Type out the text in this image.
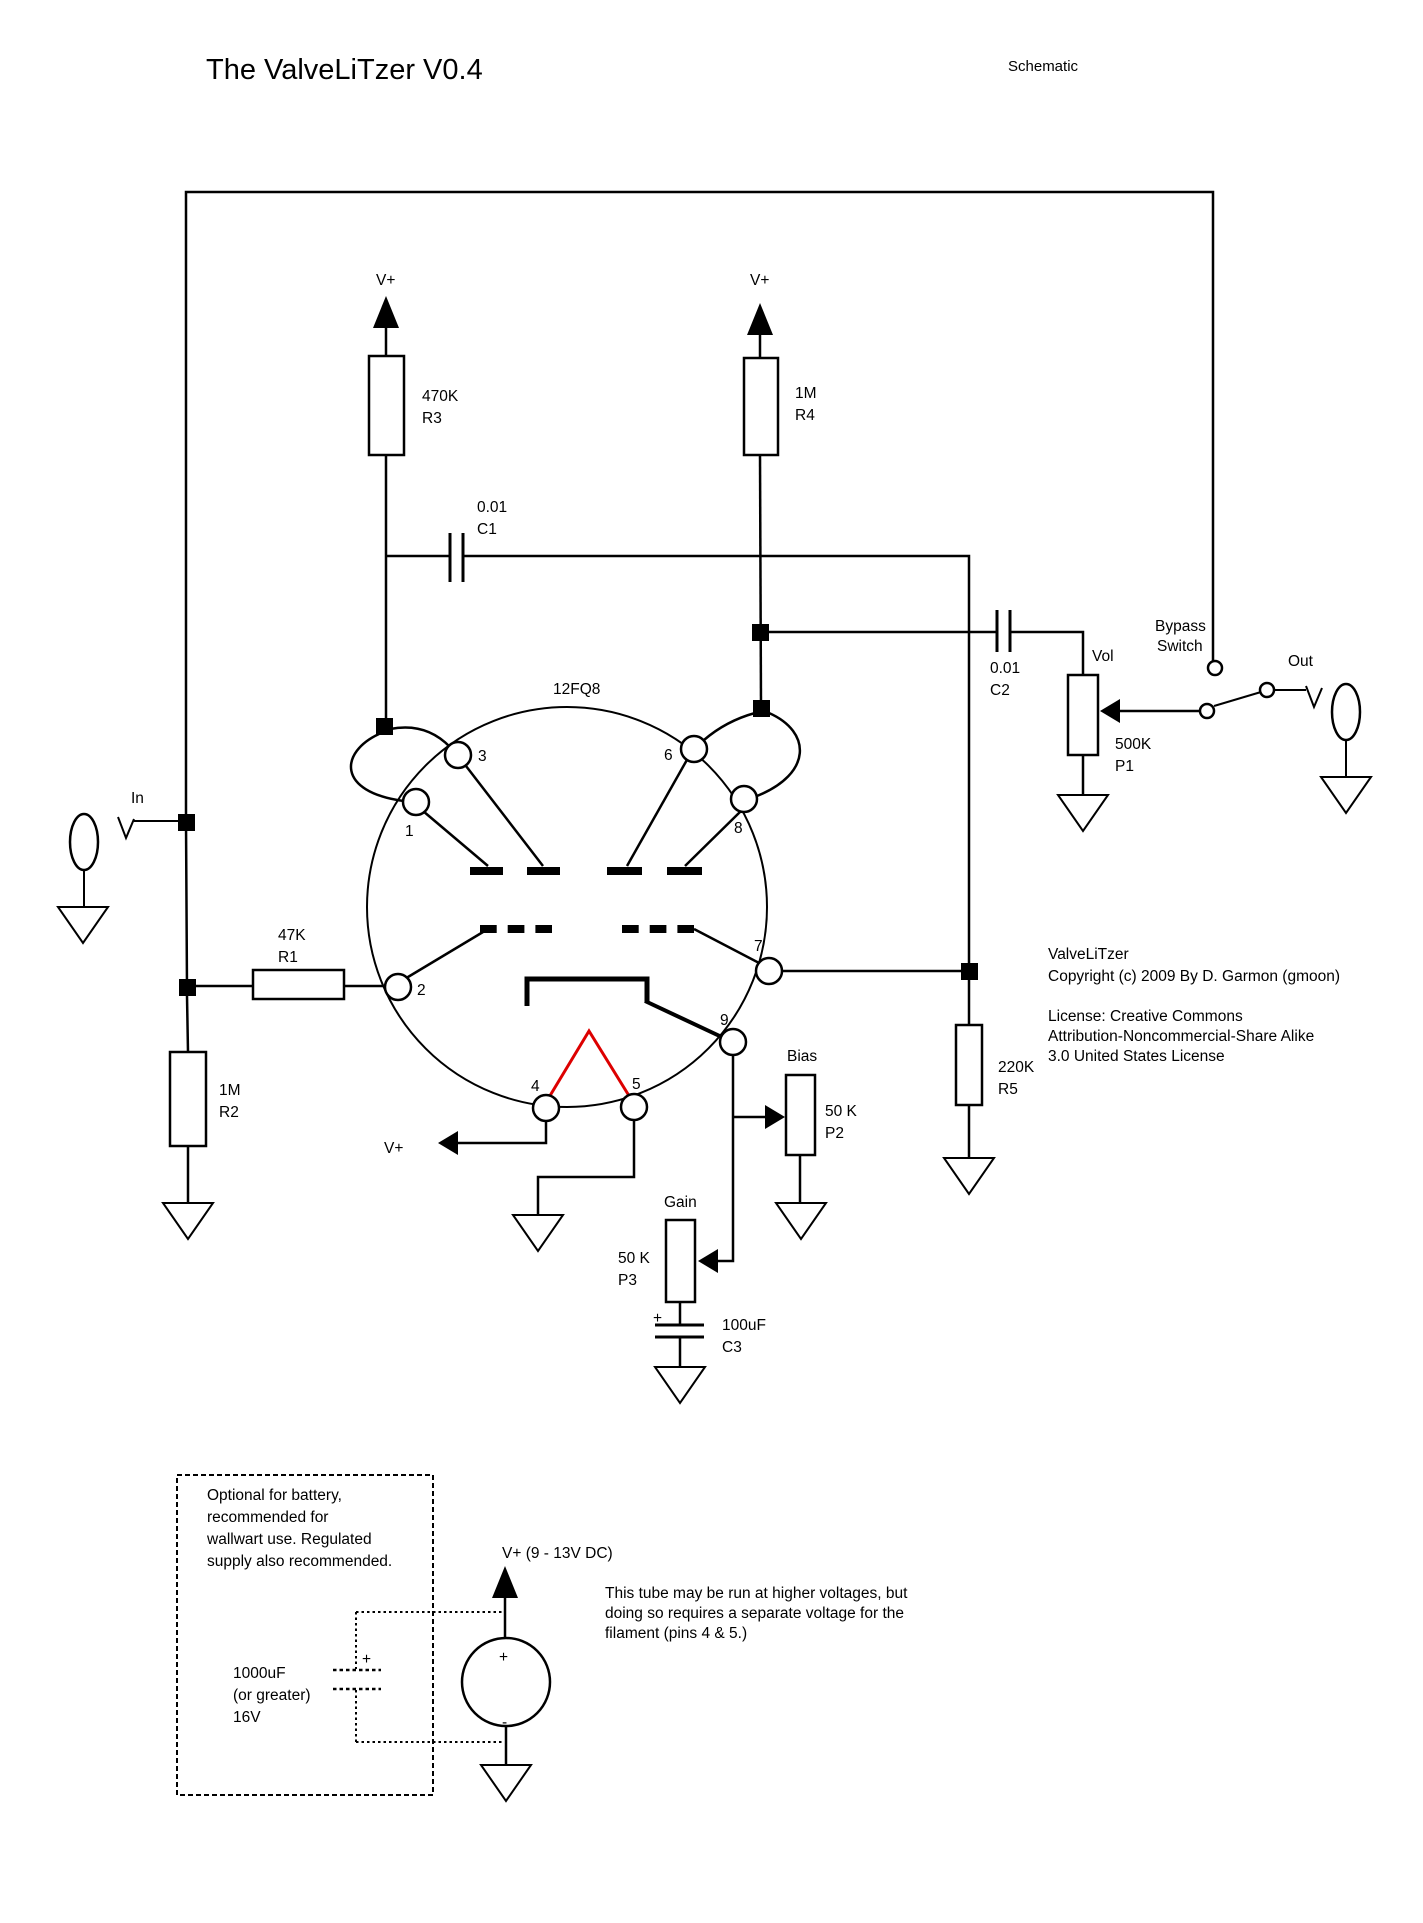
The ValveLiTzer V0.4	Schematic
In
V+
470K
R3
0.01
C1
V+
1M
R4
0.01
C2
Vol
500K
P1
Bypass
Switch
Out
12FQ8
1
2
3
4	5
6
7
8
9
47K
R1
1M
R2
V+
Bias
50 K
P2
Gain
50 K
P3
+	100uF
C3
220K
R5
ValveLiTzer
Copyright (c) 2009 By D. Garmon (gmoon)
License: Creative Commons
Attribution-Noncommercial-Share Alike
3.0 United States License
Optional for battery,
recommended for
wallwart use. Regulated
supply also recommended.
1000uF
(or greater)
16V
+
V+ (9 - 13V DC)
+
-
This tube may be run at higher voltages, but
doing so requires a separate voltage for the
filament (pins 4 & 5.)
